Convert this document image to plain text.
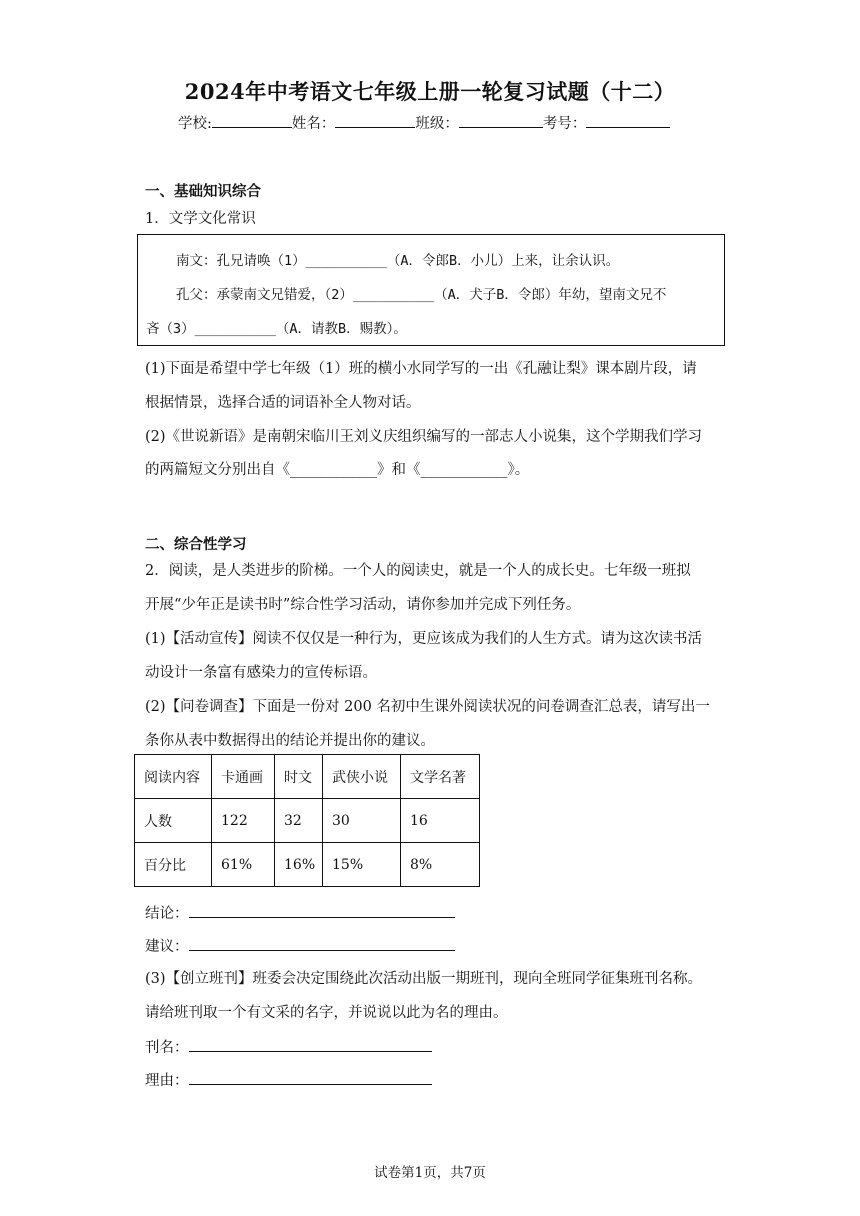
2024年中考语文七年级上册一轮复习试题（十二）
学校:	姓名：	班级：	考号：
一、基础知识综合
1．文学文化常识
南文：孔兄请唤（1）__________（A．令郎B．小儿）上来，让余认识。
孔父：承蒙南文兄错爱，（2）__________（A．犬子B．令郎）年幼，望南文兄不
吝（3）__________（A．请教B．赐教）。
(1)下面是希望中学七年级（1）班的横小水同学写的一出《孔融让梨》课本剧片段，请
根据情景，选择合适的词语补全人物对话。
(2)《世说新语》是南朝宋临川王刘义庆组织编写的一部志人小说集，这个学期我们学习
的两篇短文分别出自《____________》和《____________》。
二、综合性学习
2．阅读，是人类进步的阶梯。一个人的阅读史，就是一个人的成长史。七年级一班拟
开展“少年正是读书时”综合性学习活动，请你参加并完成下列任务。
(1)【活动宣传】阅读不仅仅是一种行为，更应该成为我们的人生方式。请为这次读书活
动设计一条富有感染力的宣传标语。
(2)【问卷调查】下面是一份对 200 名初中生课外阅读状况的问卷调查汇总表，请写出一
条你从表中数据得出的结论并提出你的建议。
阅读内容	卡通画	时文	武侠小说	文学名著
人数	122	32	30	16
百分比	61%	16%	15%	8%
结论：
建议：
(3)【创立班刊】班委会决定围绕此次活动出版一期班刊，现向全班同学征集班刊名称。
请给班刊取一个有文采的名字，并说说以此为名的理由。
刊名：
理由：
试卷第1页，共7页
